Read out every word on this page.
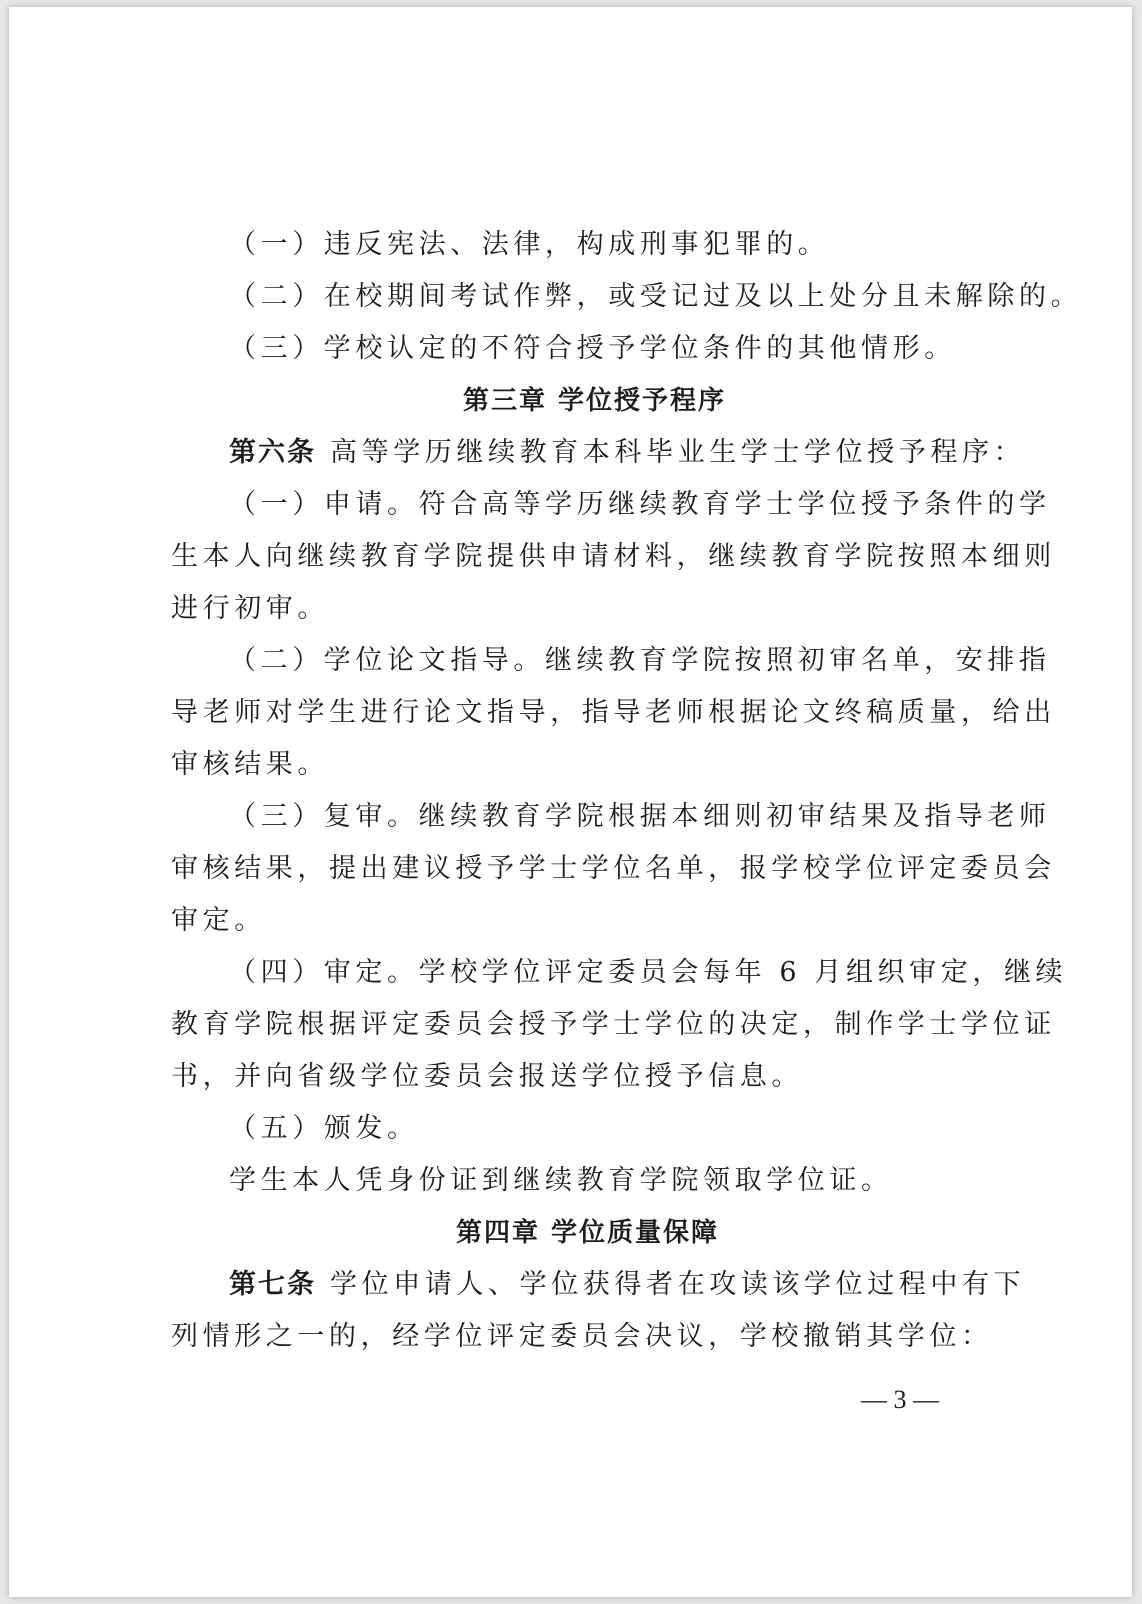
（一）违反宪法、法律，构成刑事犯罪的。
（二）在校期间考试作弊，或受记过及以上处分且未解除的。
（三）学校认定的不符合授予学位条件的其他情形。
第三章 学位授予程序
第六条 高等学历继续教育本科毕业生学士学位授予程序：
（一）申请。符合高等学历继续教育学士学位授予条件的学
生本人向继续教育学院提供申请材料，继续教育学院按照本细则
进行初审。
（二）学位论文指导。继续教育学院按照初审名单，安排指
导老师对学生进行论文指导，指导老师根据论文终稿质量，给出
审核结果。
（三）复审。继续教育学院根据本细则初审结果及指导老师
审核结果，提出建议授予学士学位名单，报学校学位评定委员会
审定。
（四）审定。学校学位评定委员会每年 6 月组织审定，继续
教育学院根据评定委员会授予学士学位的决定，制作学士学位证
书，并向省级学位委员会报送学位授予信息。
（五）颁发。
学生本人凭身份证到继续教育学院领取学位证。
第四章 学位质量保障
第七条 学位申请人、学位获得者在攻读该学位过程中有下
列情形之一的，经学位评定委员会决议，学校撤销其学位：
— 3 —
